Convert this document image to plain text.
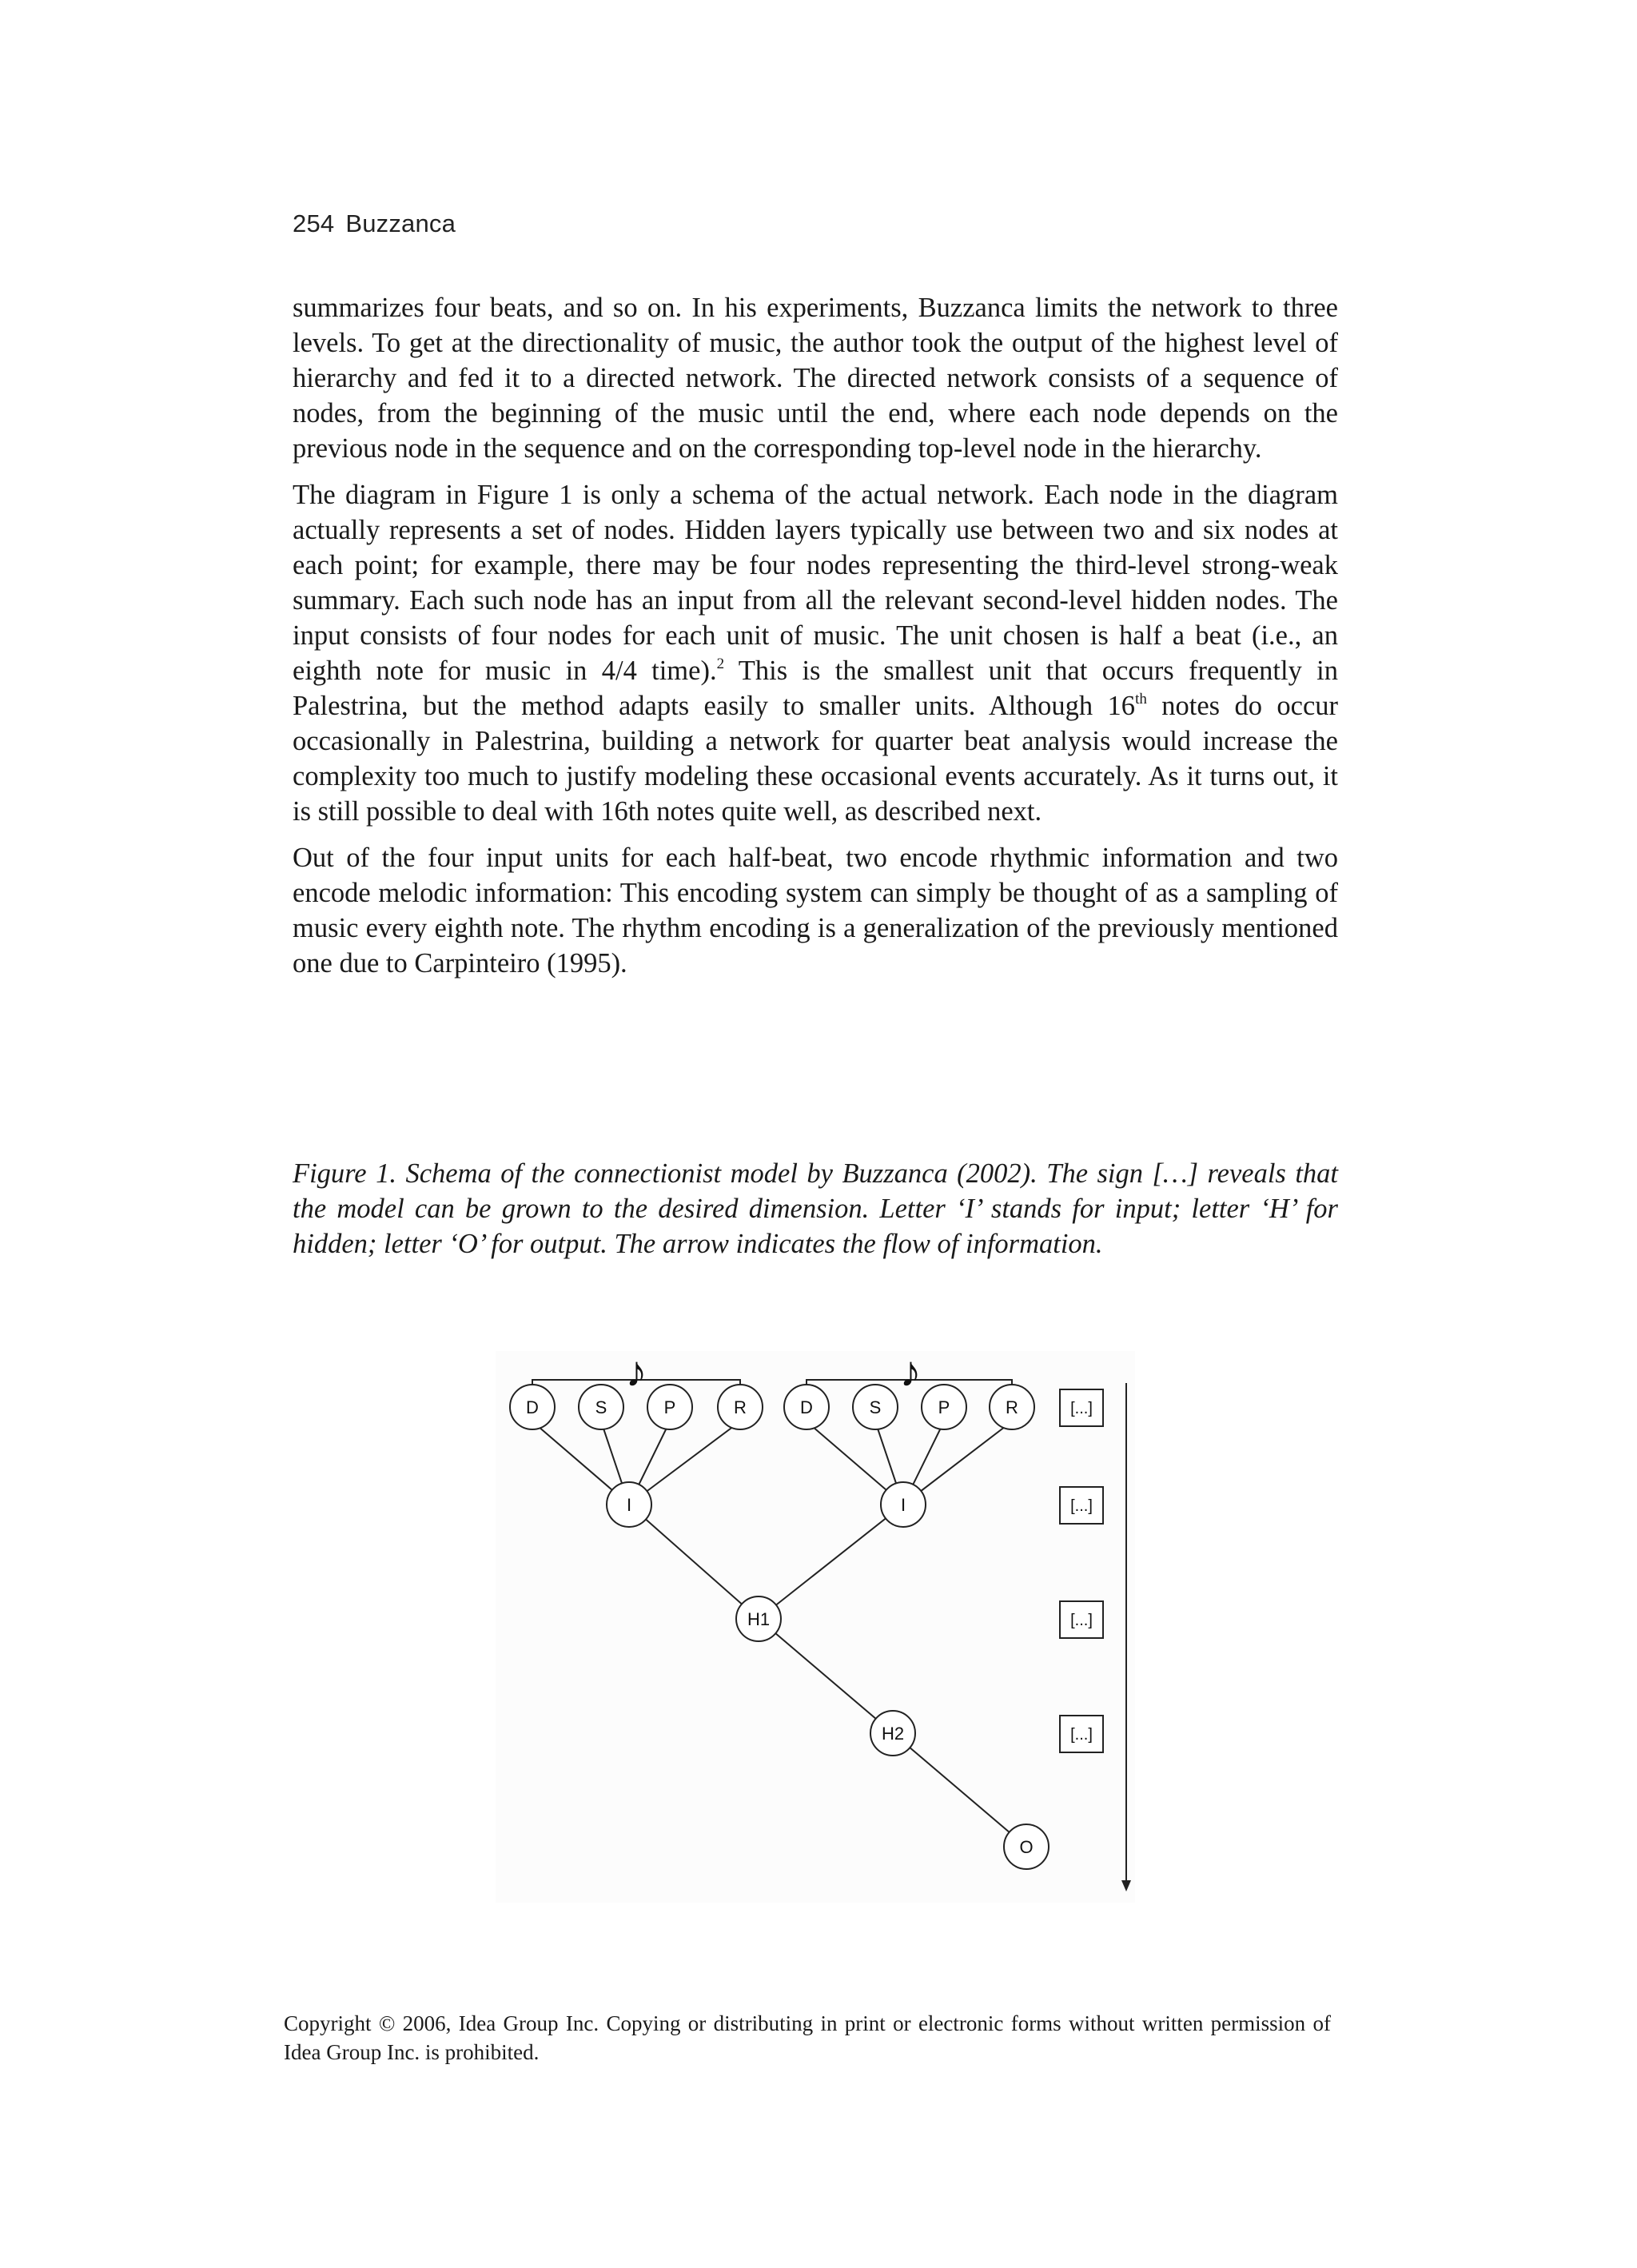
254 Buzzanca

summarizes four beats, and so on. In his experiments, Buzzanca limits the network to three levels. To get at the directionality of music, the author took the output of the highest level of hierarchy and fed it to a directed network. The directed network consists of a sequence of nodes, from the beginning of the music until the end, where each node depends on the previous node in the sequence and on the corresponding top-level node in the hierarchy.

The diagram in Figure 1 is only a schema of the actual network. Each node in the diagram actually represents a set of nodes. Hidden layers typically use between two and six nodes at each point; for example, there may be four nodes representing the third-level strong-weak summary. Each such node has an input from all the relevant second-level hidden nodes. The input consists of four nodes for each unit of music. The unit chosen is half a beat (i.e., an eighth note for music in 4/4 time).$^2$ This is the smallest unit that occurs frequently in Palestrina, but the method adapts easily to smaller units. Although 16th notes do occur occasionally in Palestrina, building a network for quarter beat analysis would increase the complexity too much to justify modeling these occasional events accurately. As it turns out, it is still possible to deal with 16th notes quite well, as described next.

Out of the four input units for each half-beat, two encode rhythmic information and two encode melodic information: This encoding system can simply be thought of as a sampling of music every eighth note. The rhythm encoding is a generalization of the previously mentioned one due to Carpinteiro (1995).

Figure 1. Schema of the connectionist model by Buzzanca (2002). The sign […] reveals that the model can be grown to the desired dimension. Letter ‘I’ stands for input; letter ‘H’ for hidden; letter ‘O’ for output. The arrow indicates the flow of information.
♪	♪
D	S	P	R	D	S	P	R
I	I
H1
H2
O
[...]
[...]
[...]
[...]
Copyright © 2006, Idea Group Inc. Copying or distributing in print or electronic forms without written permission of Idea Group Inc. is prohibited.
